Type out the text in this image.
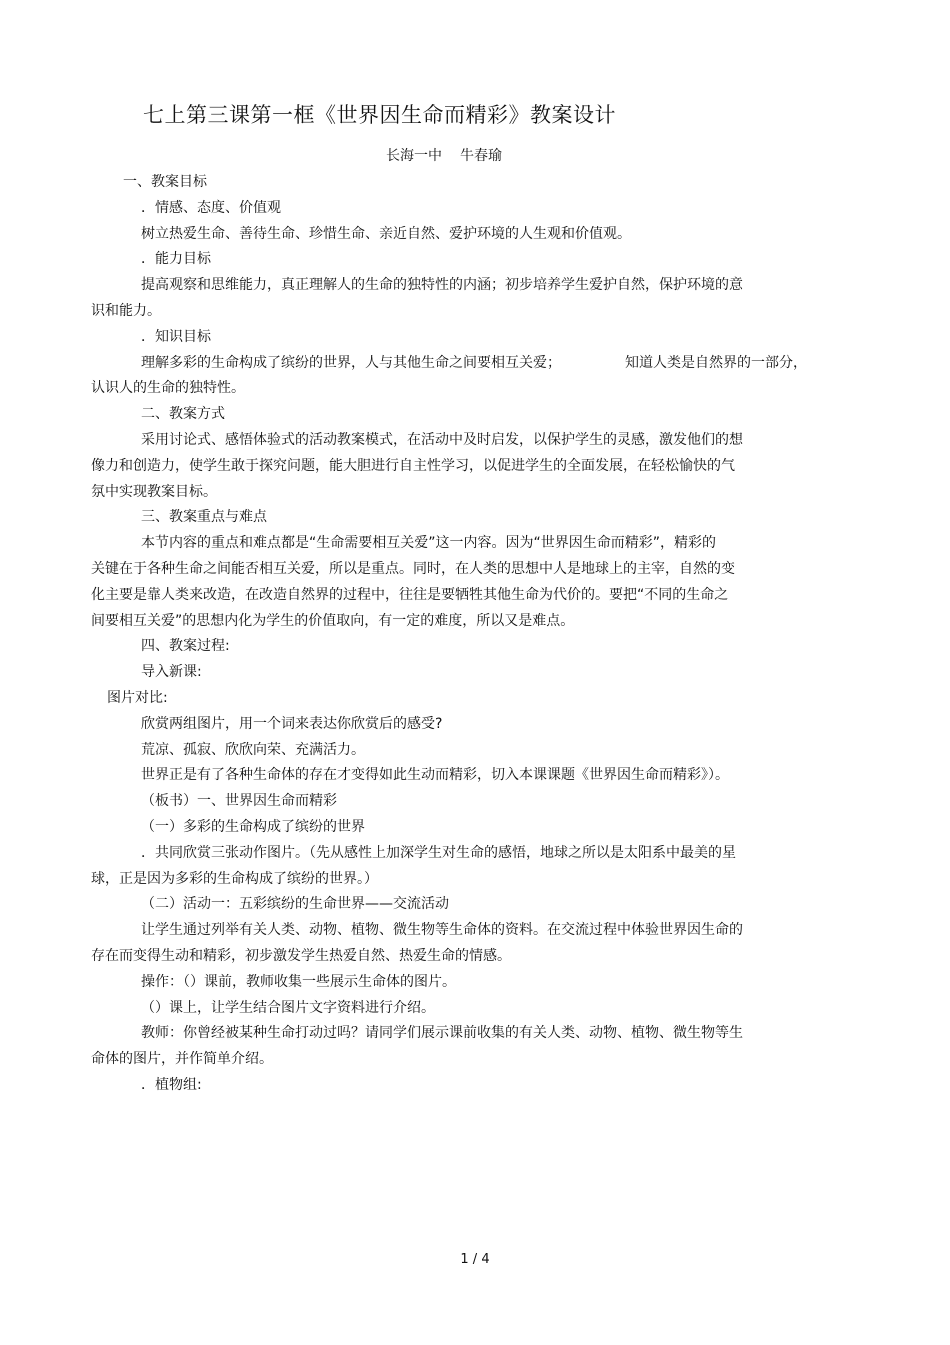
七上第三课第一框《世界因生命而精彩》教案设计
长海一中 牛春瑜
一、教案目标
．情感、态度、价值观
树立热爱生命、善待生命、珍惜生命、亲近自然、爱护环境的人生观和价值观。
．能力目标
提高观察和思维能力，真正理解人的生命的独特性的内涵；初步培养学生爱护自然，保护环境的意
识和能力。
．知识目标
理解多彩的生命构成了缤纷的世界，人与其他生命之间要相互关爱；	知道人类是自然界的一部分，
认识人的生命的独特性。
二、教案方式
采用讨论式、感悟体验式的活动教案模式，在活动中及时启发，以保护学生的灵感，激发他们的想
像力和创造力，使学生敢于探究问题，能大胆进行自主性学习，以促进学生的全面发展，在轻松愉快的气
氛中实现教案目标。
三、教案重点与难点
本节内容的重点和难点都是“生命需要相互关爱”这一内容。因为“世界因生命而精彩”，精彩的
关键在于各种生命之间能否相互关爱，所以是重点。同时，在人类的思想中人是地球上的主宰，自然的变
化主要是靠人类来改造，在改造自然界的过程中，往往是要牺牲其他生命为代价的。要把“不同的生命之
间要相互关爱”的思想内化为学生的价值取向，有一定的难度，所以又是难点。
四、教案过程:
导入新课:
图片对比:
欣赏两组图片，用一个词来表达你欣赏后的感受?
荒凉、孤寂、欣欣向荣、充满活力。
世界正是有了各种生命体的存在才变得如此生动而精彩，切入本课课题《世界因生命而精彩》）。
（板书）一、世界因生命而精彩
（一）多彩的生命构成了缤纷的世界
．共同欣赏三张动作图片。（先从感性上加深学生对生命的感悟，地球之所以是太阳系中最美的星
球，正是因为多彩的生命构成了缤纷的世界。）
（二）活动一：五彩缤纷的生命世界——交流活动
让学生通过列举有关人类、动物、植物、微生物等生命体的资料。在交流过程中体验世界因生命的
存在而变得生动和精彩，初步激发学生热爱自然、热爱生命的情感。
操作：（）课前，教师收集一些展示生命体的图片。
（）课上，让学生结合图片文字资料进行介绍。
教师：你曾经被某种生命打动过吗？请同学们展示课前收集的有关人类、动物、植物、微生物等生
命体的图片，并作简单介绍。
．植物组:
1 / 4
